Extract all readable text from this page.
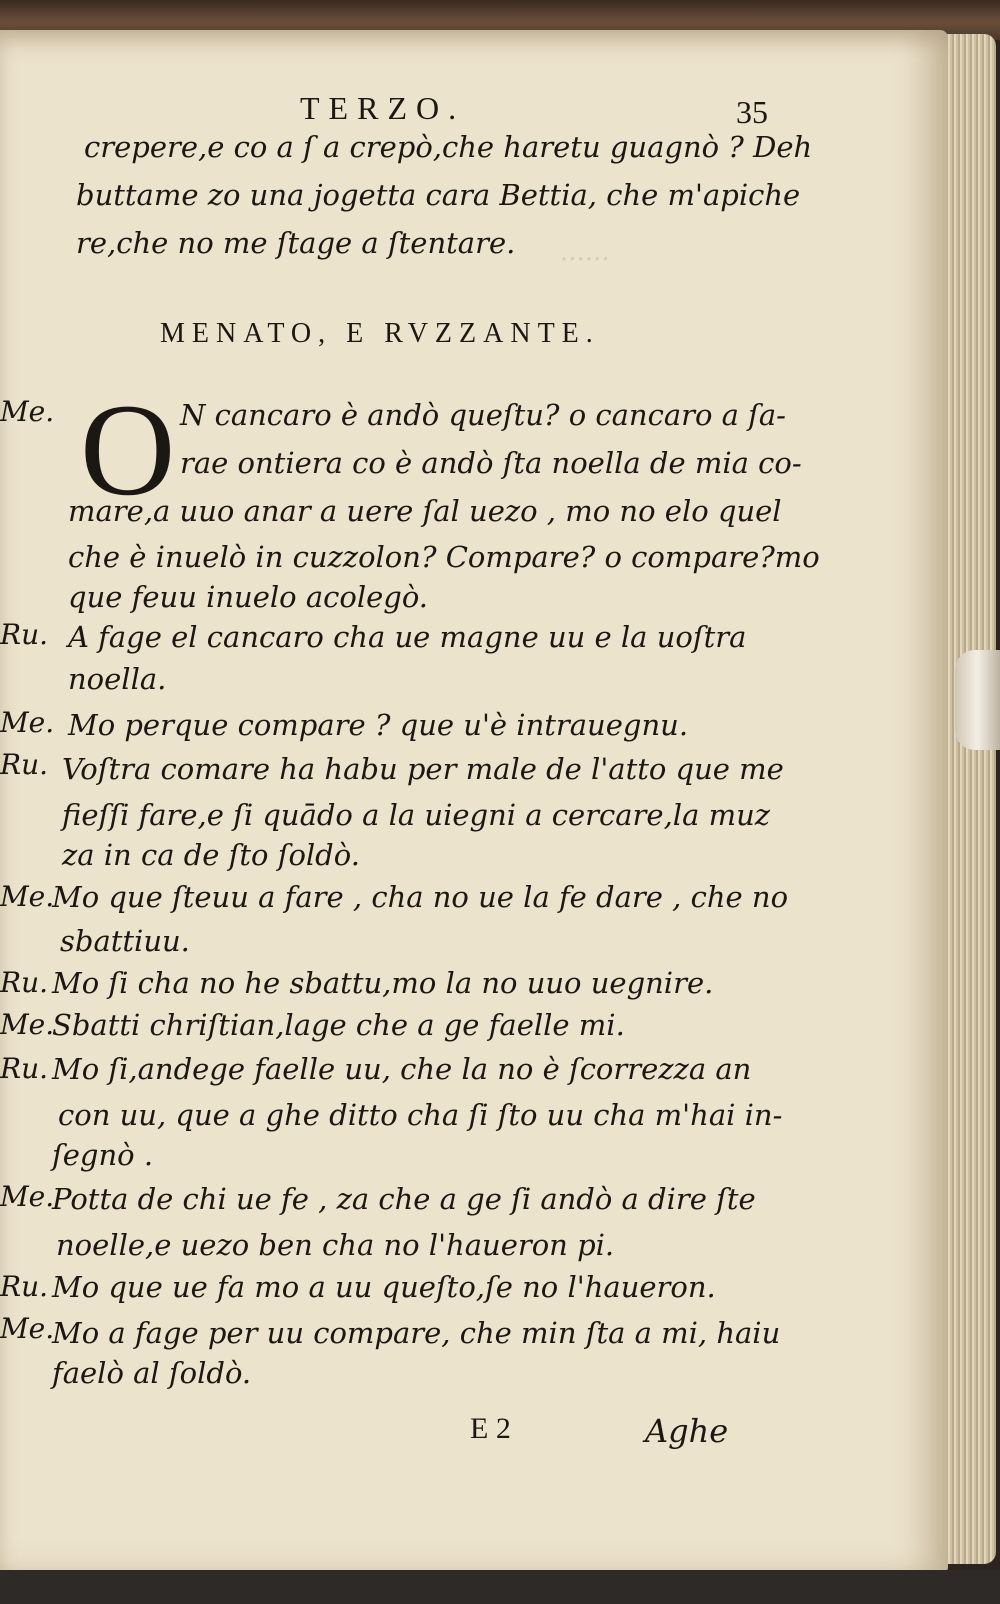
······
TERZO.	35
crepere,e co a ſ a crepò,che haretu guagnò ? Deh
buttame zo una jogetta cara Bettia, che m'apiche
re,che no me ſtage a ſtentare.
MENATO, E RVZZANTE.
O
Me.	N cancaro è andò queſtu? o cancaro a ſa-
rae ontiera co è andò ſta noella de mia co-
mare,a uuo anar a uere ſal uezo , mo no elo quel
che è inuelò in cuzzolon? Compare? o compare?mo
que feuu inuelo acolegò.
Ru. A fage el cancaro cha ue magne uu e la uoſtra
noella.
Me. Mo perque compare ? que u'è intrauegnu.
Ru. Voſtra comare ha habu per male de l'atto que me
fieſſi fare,e ſi quādo a la uiegni a cercare,la muz
za in ca de ſto ſoldò.
Me.
Mo que ſteuu a fare , cha no ue la fe dare , che no
sbattiuu.
Ru. Mo ſi cha no he sbattu,mo la no uuo uegnire.
Me.
Sbatti chriſtian,lage che a ge faelle mi.
Ru. Mo ſi,andege faelle uu, che la no è ſcorrezza an
con uu, que a ghe ditto cha ſi ſto uu cha m'hai in-
ſegnò .
Me.
Potta de chi ue fe , za che a ge ſi andò a dire ſte
noelle,e uezo ben cha no l'haueron pi.
Ru. Mo que ue fa mo a uu queſto,ſe no l'haueron.
Me.
Mo a fage per uu compare, che min ſta a mi, haiu
faelò al ſoldò.
E 2	Aghe
